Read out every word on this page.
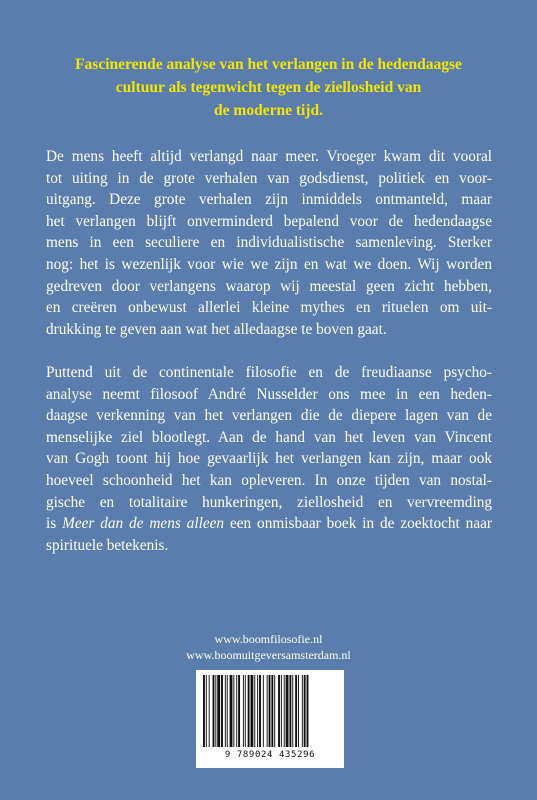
Fascinerende analyse van het verlangen in de hedendaagse
cultuur als tegenwicht tegen de ziellosheid van
de moderne tijd.
De mens heeft altijd verlangd naar meer. Vroeger kwam dit vooral
tot uiting in de grote verhalen van godsdienst, politiek en voor-
uitgang. Deze grote verhalen zijn inmiddels ontmanteld, maar
het verlangen blijft onverminderd bepalend voor de hedendaagse
mens in een seculiere en individualistische samenleving. Sterker
nog: het is wezenlijk voor wie we zijn en wat we doen. Wij worden
gedreven door verlangens waarop wij meestal geen zicht hebben,
en creëren onbewust allerlei kleine mythes en rituelen om uit-
drukking te geven aan wat het alledaagse te boven gaat.
Puttend uit de continentale filosofie en de freudiaanse psycho-
analyse neemt filosoof André Nusselder ons mee in een heden-
daagse verkenning van het verlangen die de diepere lagen van de
menselijke ziel blootlegt. Aan de hand van het leven van Vincent
van Gogh toont hij hoe gevaarlijk het verlangen kan zijn, maar ook
hoeveel schoonheid het kan opleveren. In onze tijden van nostal-
gische en totalitaire hunkeringen, ziellosheid en vervreemding
is Meer dan de mens alleen een onmisbaar boek in de zoektocht naar
spirituele betekenis.
www.boomfilosofie.nl
www.boomuitgeversamsterdam.nl
9 789024 435296
